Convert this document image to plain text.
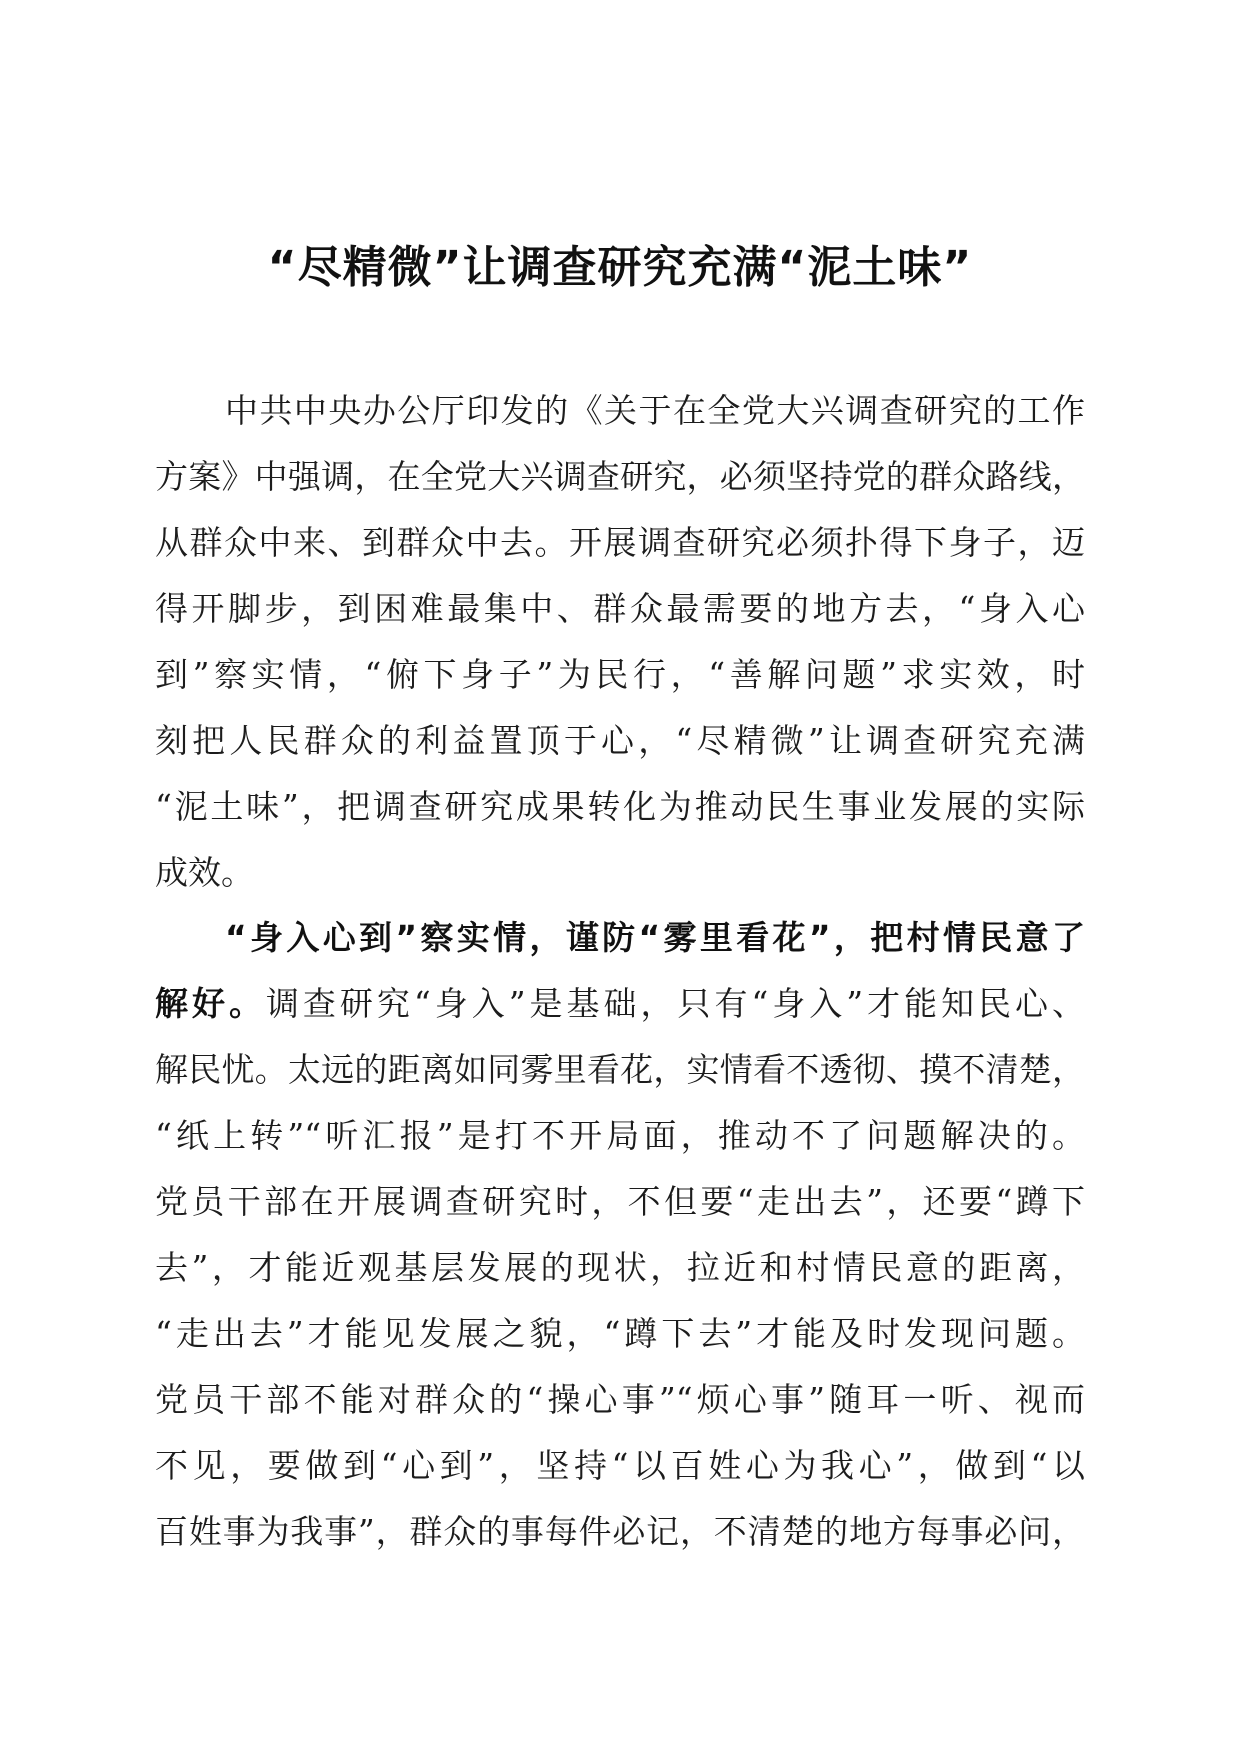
“尽精微”让调查研究充满“泥土味”
中共中央办公厅印发的《关于在全党大兴调查研究的工作
方案》中强调，在全党大兴调查研究，必须坚持党的群众路线，
从群众中来、到群众中去。开展调查研究必须扑得下身子，迈
得开脚步，到困难最集中、群众最需要的地方去，“身入心
到”察实情，“俯下身子”为民行，“善解问题”求实效，时
刻把人民群众的利益置顶于心，“尽精微”让调查研究充满
“泥土味”，把调查研究成果转化为推动民生事业发展的实际
成效。
“身入心到”察实情，谨防“雾里看花”，把村情民意了
解好。调查研究“身入”是基础，只有“身入”才能知民心、
解民忧。太远的距离如同雾里看花，实情看不透彻、摸不清楚，
“纸上转”“听汇报”是打不开局面，推动不了问题解决的。
党员干部在开展调查研究时，不但要“走出去”，还要“蹲下
去”，才能近观基层发展的现状，拉近和村情民意的距离，
“走出去”才能见发展之貌，“蹲下去”才能及时发现问题。
党员干部不能对群众的“操心事”“烦心事”随耳一听、视而
不见，要做到“心到”，坚持“以百姓心为我心”，做到“以
百姓事为我事”，群众的事每件必记，不清楚的地方每事必问，
